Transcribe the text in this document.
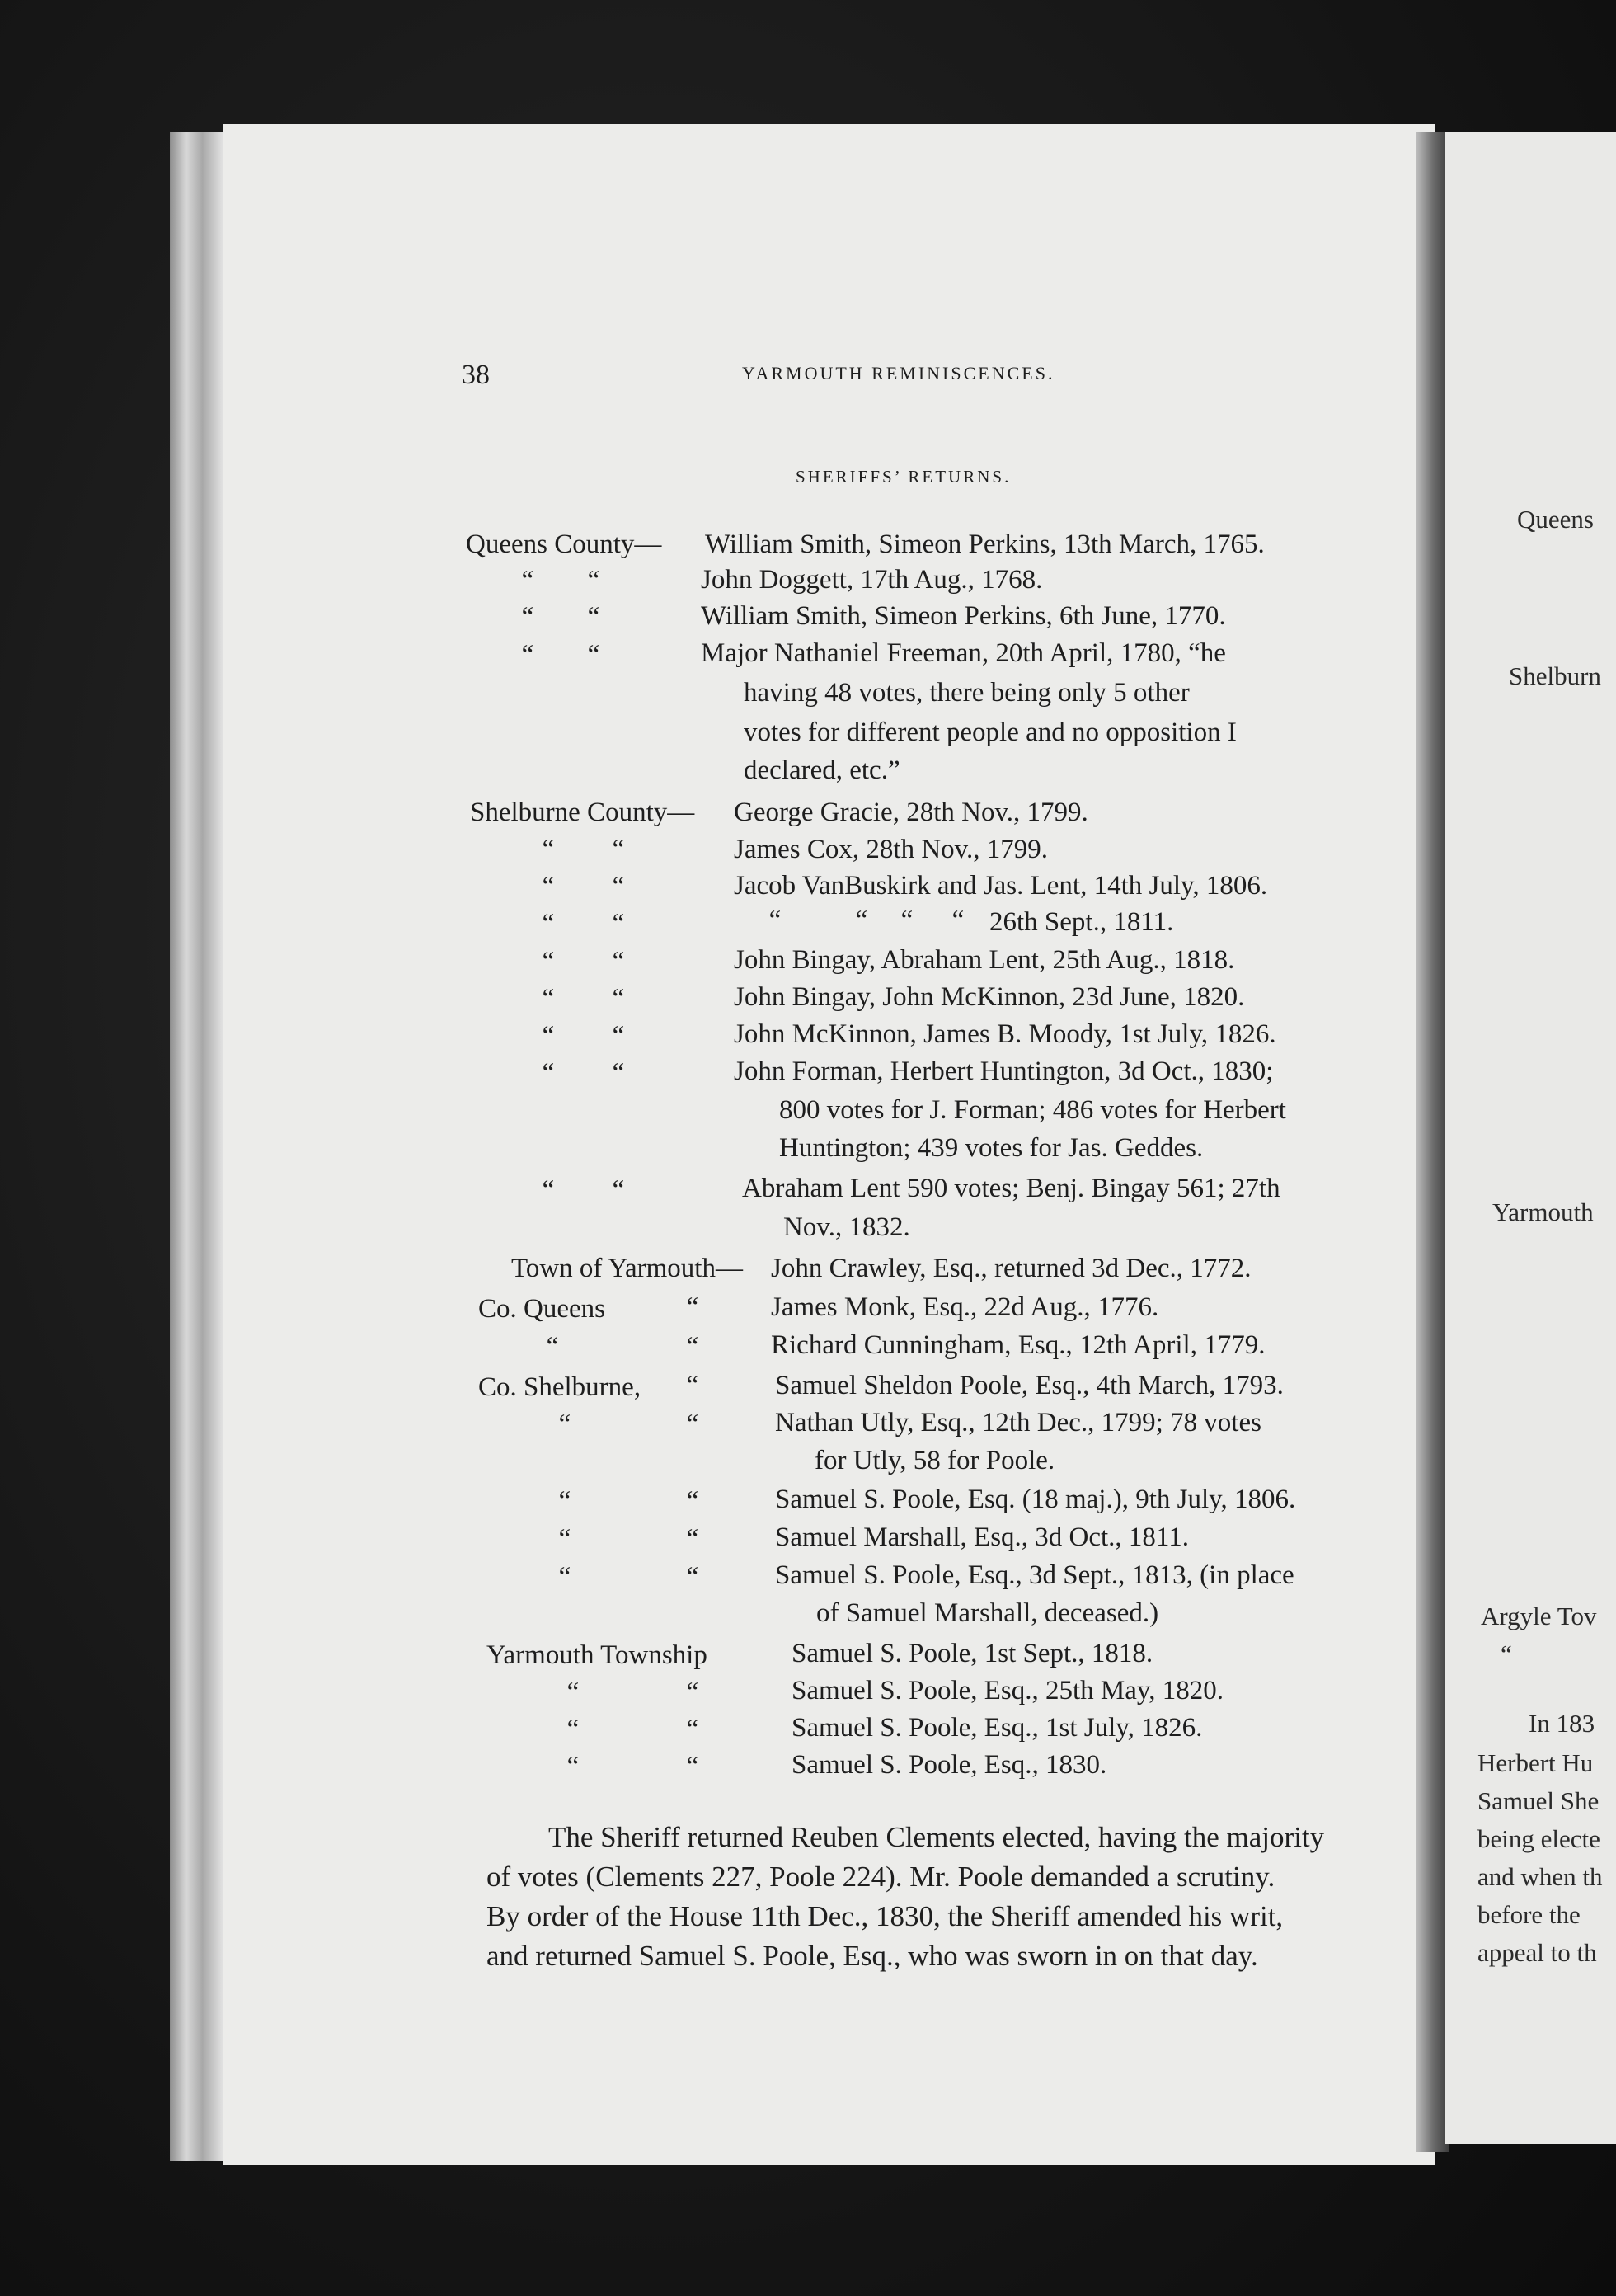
38	YARMOUTH REMINISCENCES.
SHERIFFS’ RETURNS.
Queens County— William Smith, Simeon Perkins, 13th March, 1765.
“	“	John Doggett, 17th Aug., 1768.
“	“	William Smith, Simeon Perkins, 6th June, 1770.
“	“	Major Nathaniel Freeman, 20th April, 1780, “he
having 48 votes, there being only 5 other
votes for different people and no opposition I
declared, etc.”
Shelburne County— George Gracie, 28th Nov., 1799.
“	“	James Cox, 28th Nov., 1799.
“	“	Jacob VanBuskirk and Jas. Lent, 14th July, 1806.
“	“	“	“	“	“ 26th Sept., 1811.
“	“	John Bingay, Abraham Lent, 25th Aug., 1818.
“	“	John Bingay, John McKinnon, 23d June, 1820.
“	“	John McKinnon, James B. Moody, 1st July, 1826.
“	“	John Forman, Herbert Huntington, 3d Oct., 1830;
800 votes for J. Forman; 486 votes for Herbert
Huntington; 439 votes for Jas. Geddes.
“	“	Abraham Lent 590 votes; Benj. Bingay 561; 27th
Nov., 1832.
Town of Yarmouth— John Crawley, Esq., returned 3d Dec., 1772.
Co. Queens	“	James Monk, Esq., 22d Aug., 1776.
“	“	Richard Cunningham, Esq., 12th April, 1779.
Co. Shelburne,	“	Samuel Sheldon Poole, Esq., 4th March, 1793.
“	“	Nathan Utly, Esq., 12th Dec., 1799; 78 votes
for Utly, 58 for Poole.
“	“	Samuel S. Poole, Esq. (18 maj.), 9th July, 1806.
“	“	Samuel Marshall, Esq., 3d Oct., 1811.
“	“	Samuel S. Poole, Esq., 3d Sept., 1813, (in place
of Samuel Marshall, deceased.)
Yarmouth Township	Samuel S. Poole, 1st Sept., 1818.
“	“	Samuel S. Poole, Esq., 25th May, 1820.
“	“	Samuel S. Poole, Esq., 1st July, 1826.
“	“	Samuel S. Poole, Esq., 1830.
The Sheriff returned Reuben Clements elected, having the majority
of votes (Clements 227, Poole 224). Mr. Poole demanded a scrutiny.
By order of the House 11th Dec., 1830, the Sheriff amended his writ,
and returned Samuel S. Poole, Esq., who was sworn in on that day.
Queens
Shelburn
Yarmouth
Argyle Tov
“
In 183
Herbert Hu
Samuel She
being electe
and when th
before the
appeal to th
